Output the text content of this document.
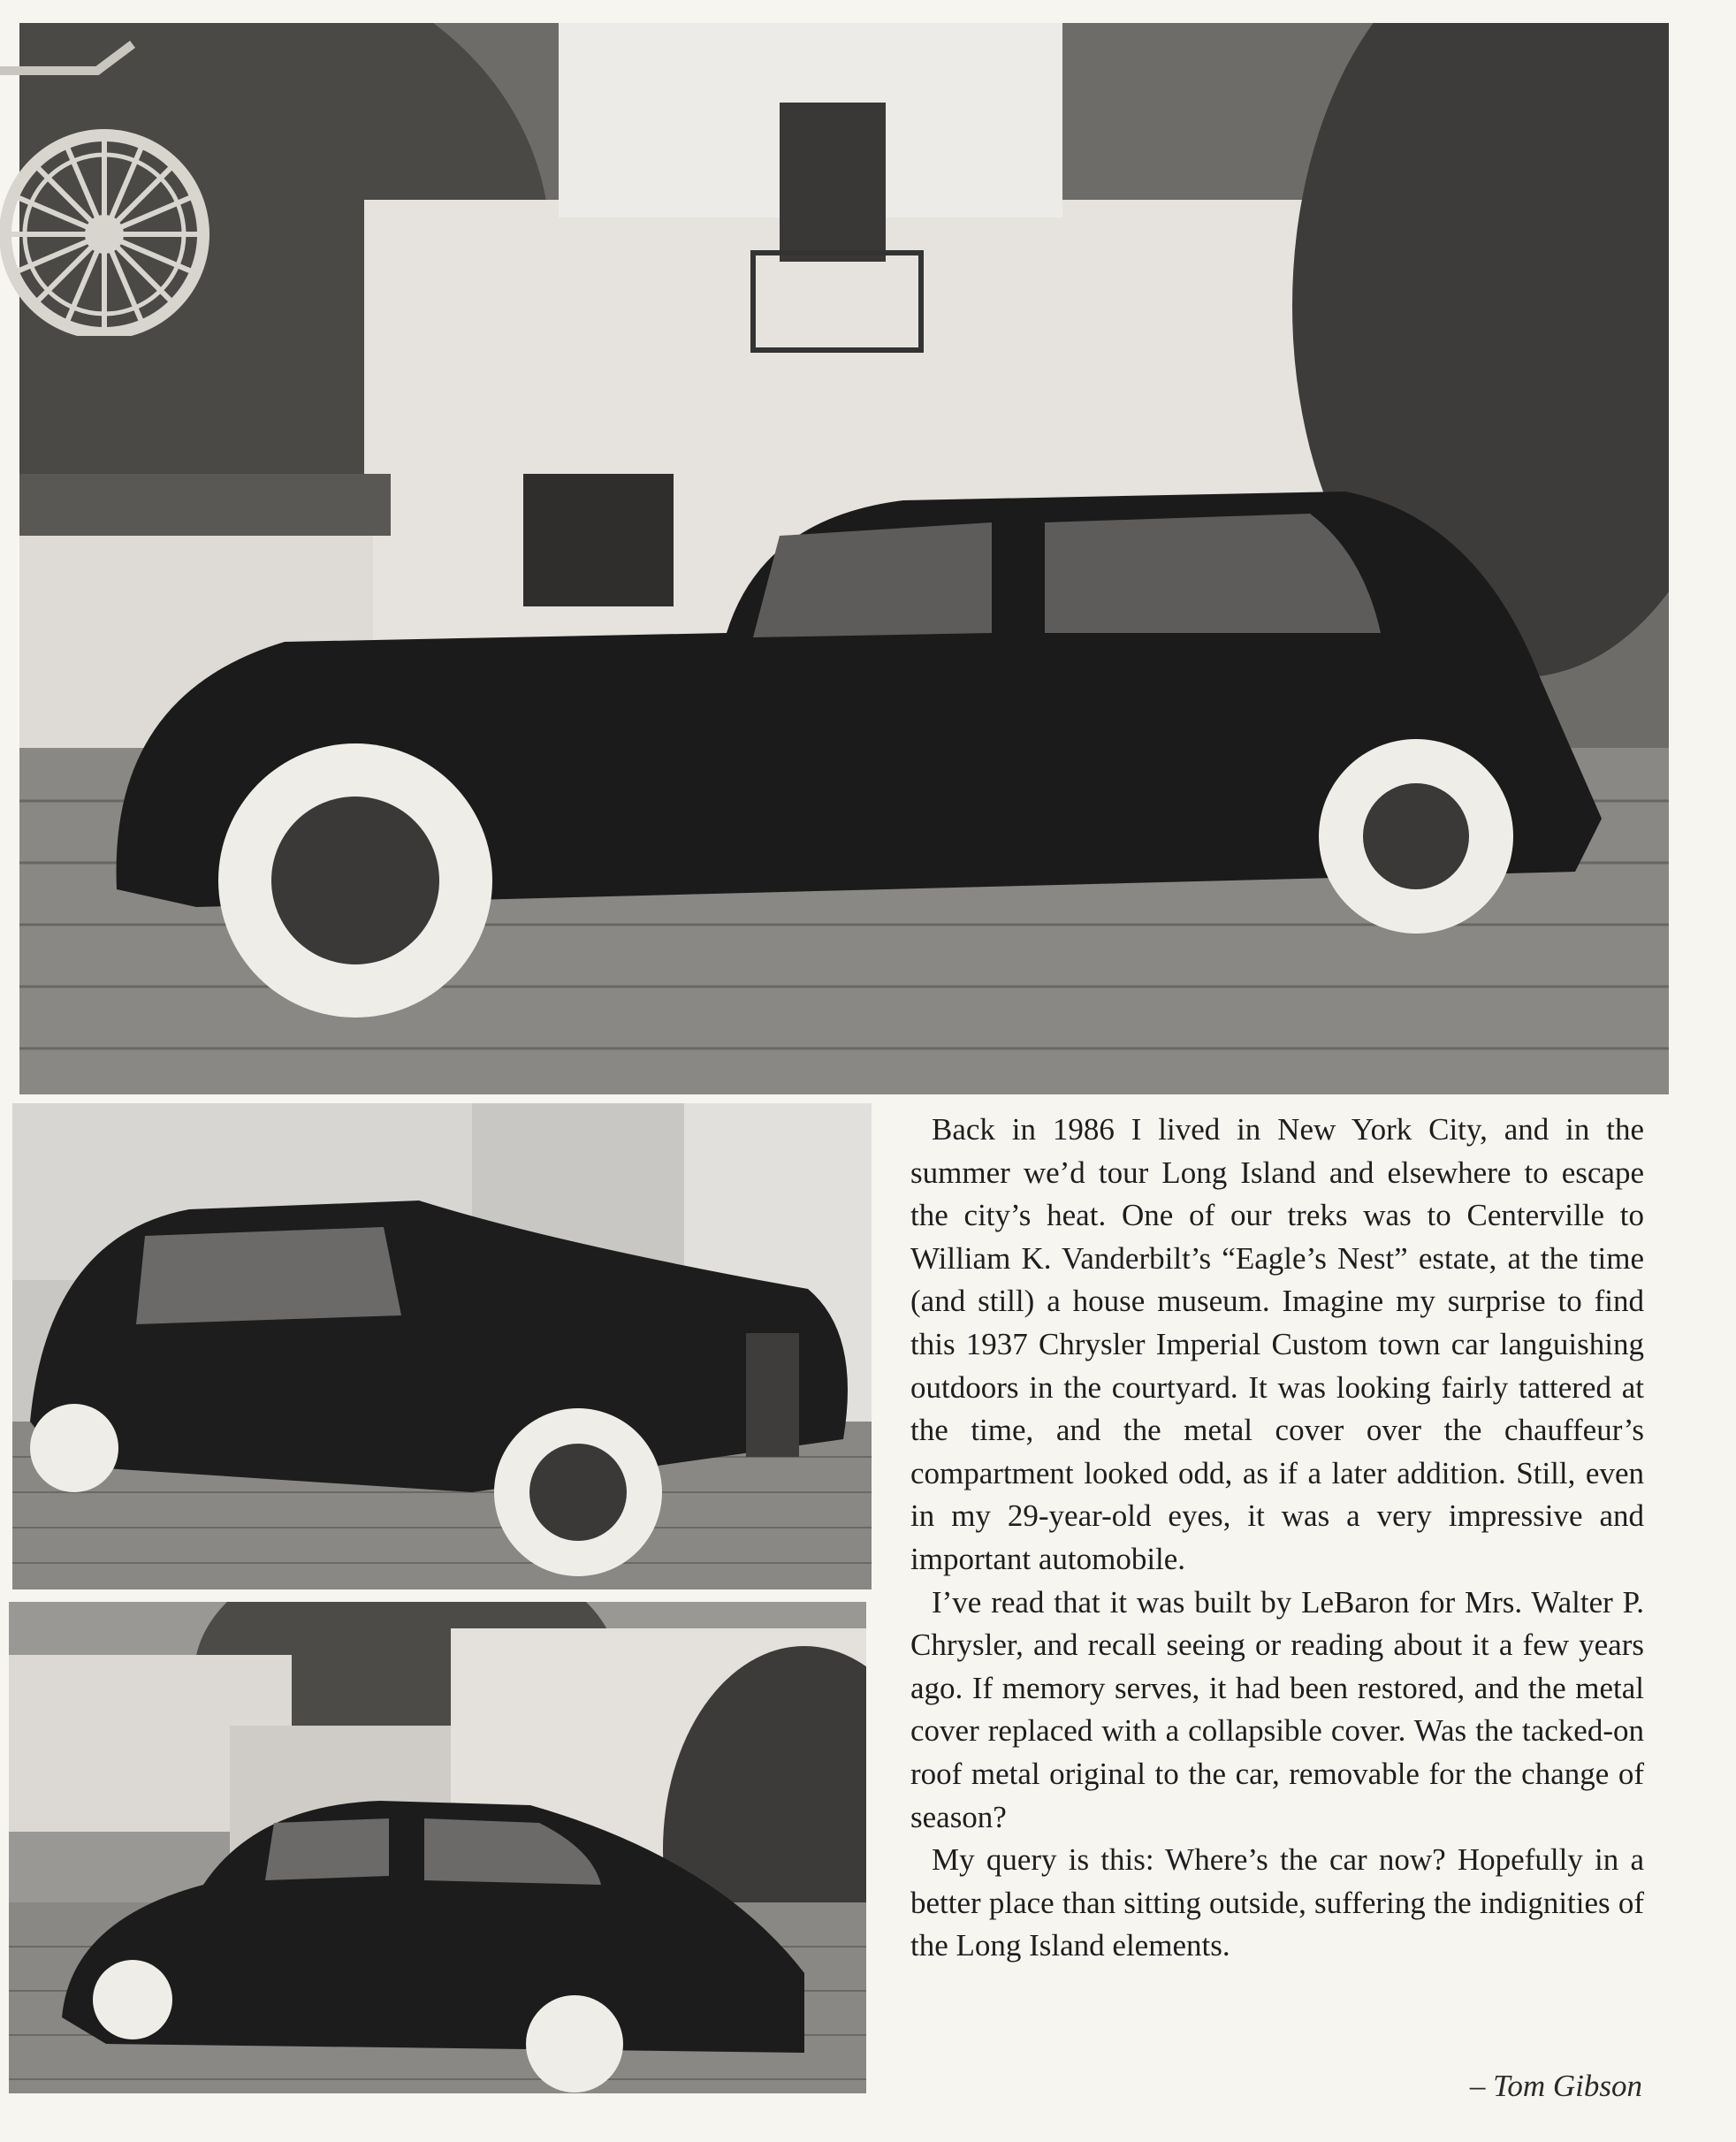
Back in 1986 I lived in New York City, and in the summer we’d tour Long Island and elsewhere to escape the city’s heat. One of our treks was to Centerville to William K. Vanderbilt’s “Eagle’s Nest” estate, at the time (and still) a house museum. Imagine my surprise to find this 1937 Chrysler Imperial Custom town car languishing outdoors in the courtyard. It was looking fairly tattered at the time, and the metal cover over the chauffeur’s compartment looked odd, as if a later addition. Still, even in my 29-year-old eyes, it was a very impressive and important automobile.

I’ve read that it was built by LeBaron for Mrs. Walter P. Chrysler, and recall seeing or reading about it a few years ago. If memory serves, it had been restored, and the metal cover replaced with a collapsible cover. Was the tacked-on roof metal original to the car, removable for the change of season?

My query is this: Where’s the car now? Hopefully in a better place than sitting outside, suffering the indignities of the Long Island elements.

– Tom Gibson
